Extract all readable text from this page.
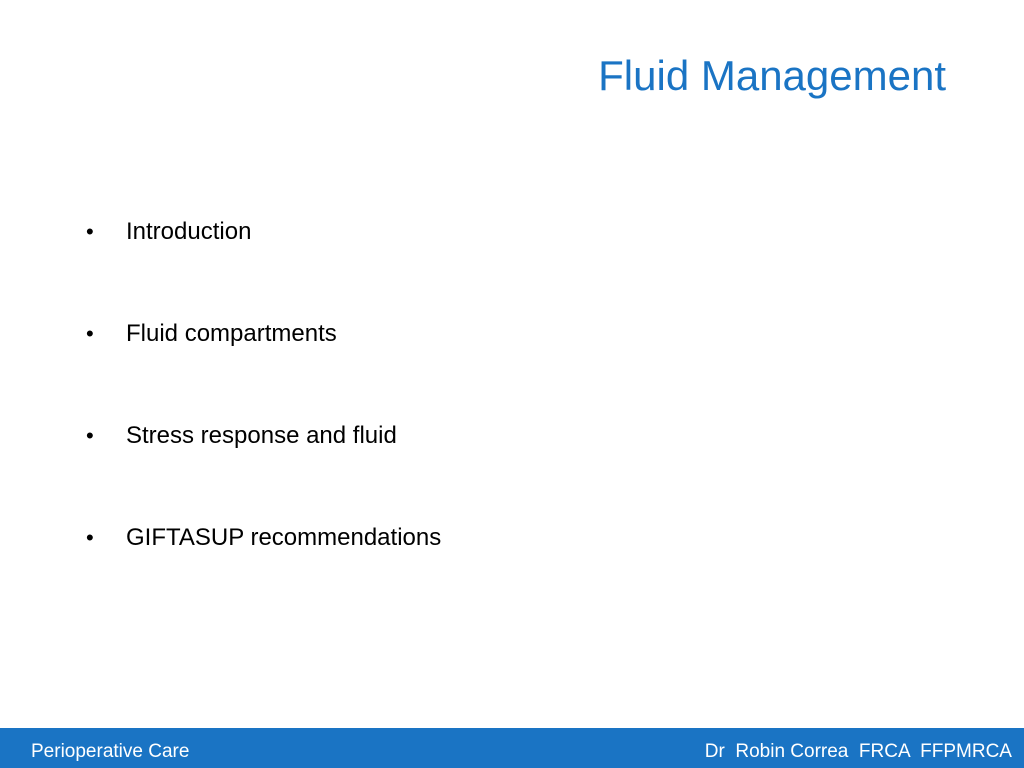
Fluid Management
•	Introduction
•	Fluid compartments
•	Stress response and fluid
•	GIFTASUP recommendations
Perioperative Care	Dr  Robin Correa  FRCA  FFPMRCA
